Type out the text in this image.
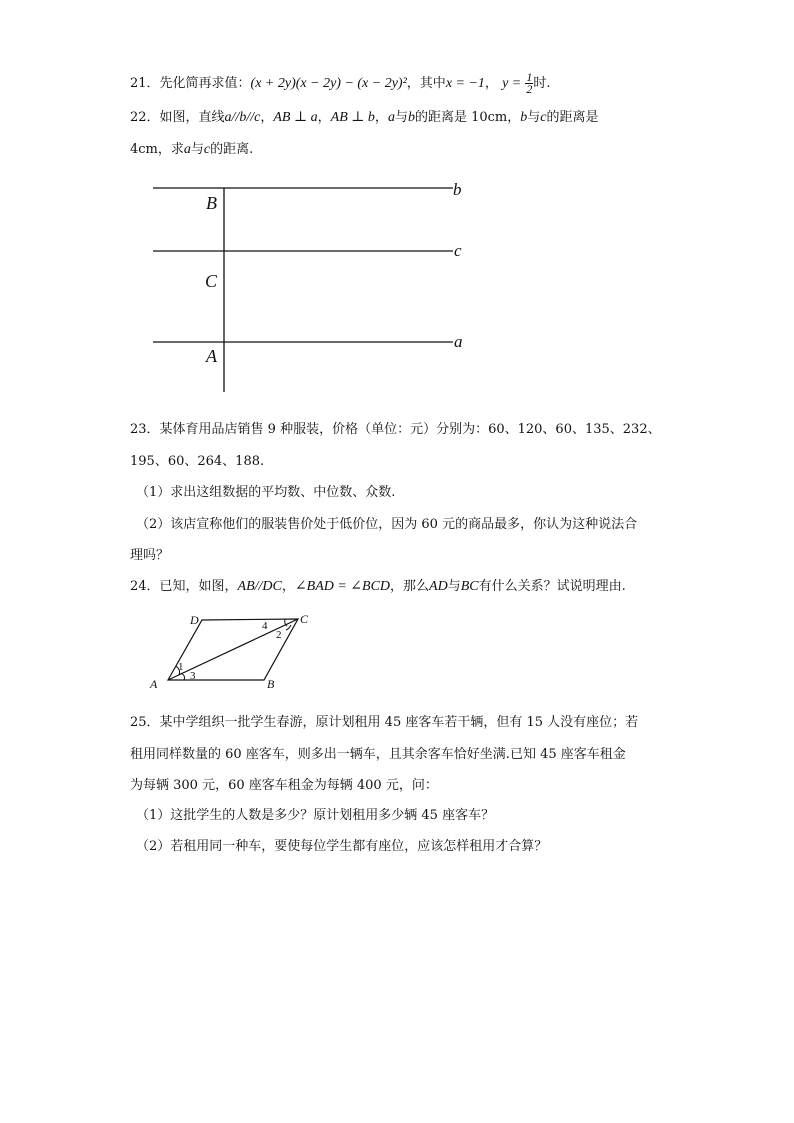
21．先化简再求值：(x + 2y)(x − 2y) − (x − 2y)²，其中x = −1， $y = \frac{1}{2}$ 时.
22．如图，直线a//b//c，AB ⊥ a，AB ⊥ b，a与b的距离是 10cm，b与c的距离是
4cm，求a与c的距离.
B
C
A
b
c
a
23．某体育用品店销售 9 种服装，价格（单位：元）分别为：60、120、60、135、232、
195、60、264、188.
（1）求出这组数据的平均数、中位数、众数.
（2）该店宣称他们的服装售价处于低价位，因为 60 元的商品最多，你认为这种说法合
理吗？
24．已知，如图，AB//DC，∠BAD = ∠BCD，那么AD与BC有什么关系？试说明理由.
D	C
A	B
1
2
3
4
25．某中学组织一批学生春游，原计划租用 45 座客车若干辆，但有 15 人没有座位；若
租用同样数量的 60 座客车，则多出一辆车，且其余客车恰好坐满.已知 45 座客车租金
为每辆 300 元，60 座客车租金为每辆 400 元，问：
（1）这批学生的人数是多少？原计划租用多少辆 45 座客车？
（2）若租用同一种车，要使每位学生都有座位，应该怎样租用才合算？
